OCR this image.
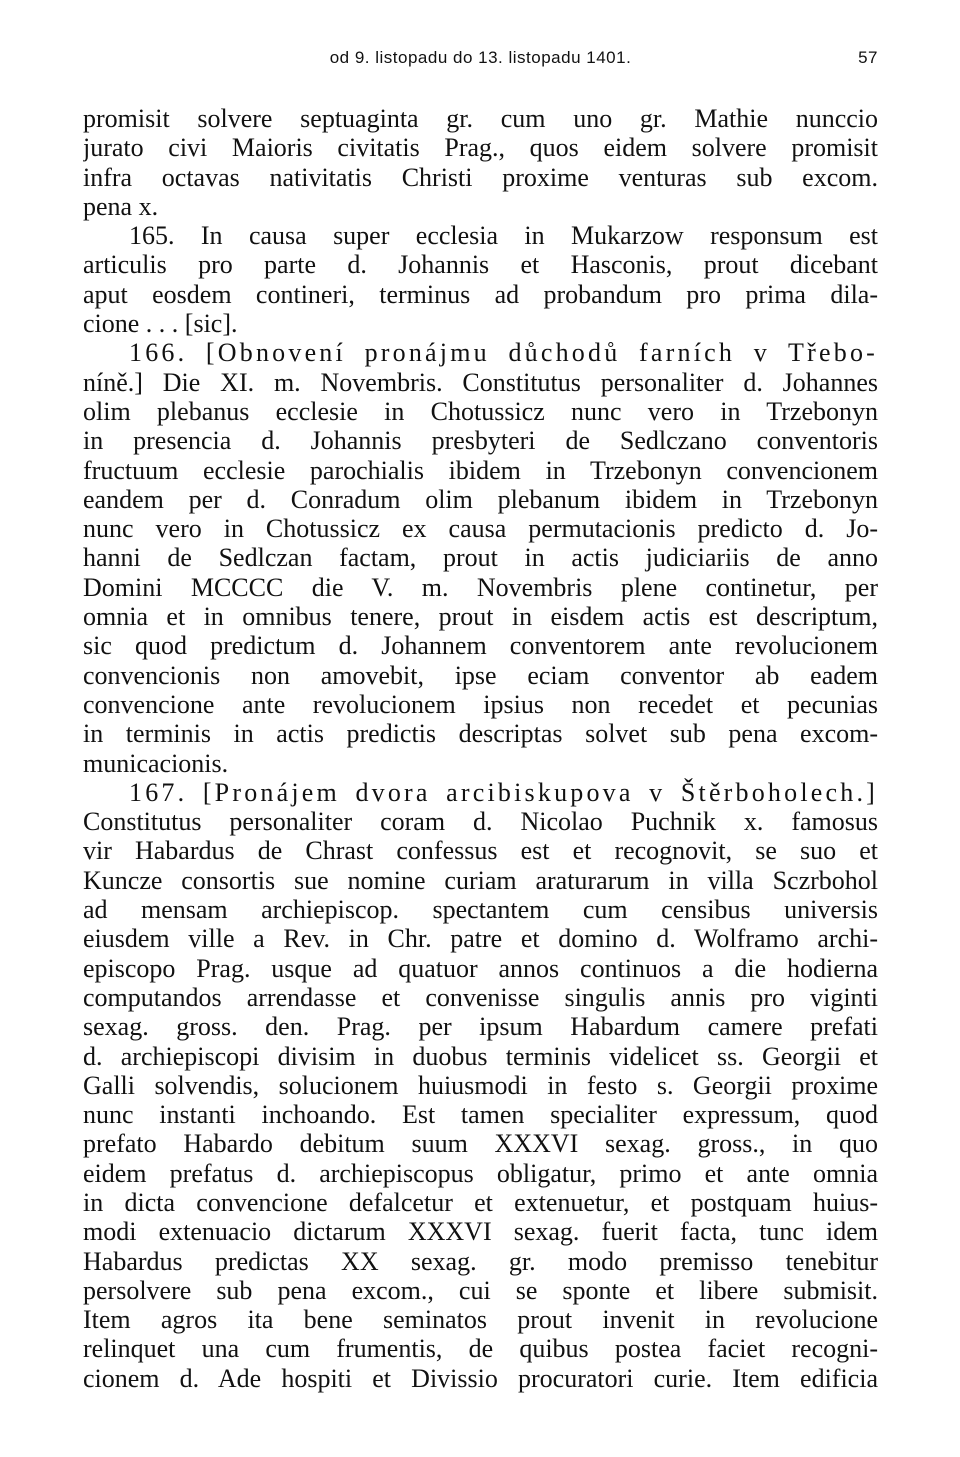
od 9. listopadu do 13. listopadu 1401.	57
promisit solvere septuaginta gr. cum uno gr. Mathie nunccio
jurato civi Maioris civitatis Prag., quos eidem solvere promisit
infra octavas nativitatis Christi proxime venturas sub excom.
pena x.
165. In causa super ecclesia in Mukarzow responsum est
articulis pro parte d. Johannis et Hasconis, prout dicebant
aput eosdem contineri, terminus ad probandum pro prima dila-
cione . . . [sic].
166. [Obnovení pronájmu důchodů farních v Třebo-
níně.] Die XI. m. Novembris. Constitutus personaliter d. Johannes
olim plebanus ecclesie in Chotussicz nunc vero in Trzebonyn
in presencia d. Johannis presbyteri de Sedlczano conventoris
fructuum ecclesie parochialis ibidem in Trzebonyn convencionem
eandem per d. Conradum olim plebanum ibidem in Trzebonyn
nunc vero in Chotussicz ex causa permutacionis predicto d. Jo-
hanni de Sedlczan factam, prout in actis judiciariis de anno
Domini MCCCC die V. m. Novembris plene continetur, per
omnia et in omnibus tenere, prout in eisdem actis est descriptum,
sic quod predictum d. Johannem conventorem ante revolucionem
convencionis non amovebit, ipse eciam conventor ab eadem
convencione ante revolucionem ipsius non recedet et pecunias
in terminis in actis predictis descriptas solvet sub pena excom-
municacionis.
167. [Pronájem dvora arcibiskupova v Štěrboholech.]
Constitutus personaliter coram d. Nicolao Puchnik x. famosus
vir Habardus de Chrast confessus est et recognovit, se suo et
Kuncze consortis sue nomine curiam araturarum in villa Sczrbohol
ad mensam archiepiscop. spectantem cum censibus universis
eiusdem ville a Rev. in Chr. patre et domino d. Wolframo archi-
episcopo Prag. usque ad quatuor annos continuos a die hodierna
computandos arrendasse et convenisse singulis annis pro viginti
sexag. gross. den. Prag. per ipsum Habardum camere prefati
d. archiepiscopi divisim in duobus terminis videlicet ss. Georgii et
Galli solvendis, solucionem huiusmodi in festo s. Georgii proxime
nunc instanti inchoando. Est tamen specialiter expressum, quod
prefato Habardo debitum suum XXXVI sexag. gross., in quo
eidem prefatus d. archiepiscopus obligatur, primo et ante omnia
in dicta convencione defalcetur et extenuetur, et postquam huius-
modi extenuacio dictarum XXXVI sexag. fuerit facta, tunc idem
Habardus predictas XX sexag. gr. modo premisso tenebitur
persolvere sub pena excom., cui se sponte et libere submisit.
Item agros ita bene seminatos prout invenit in revolucione
relinquet una cum frumentis, de quibus postea faciet recogni-
cionem d. Ade hospiti et Divissio procuratori curie. Item edificia
